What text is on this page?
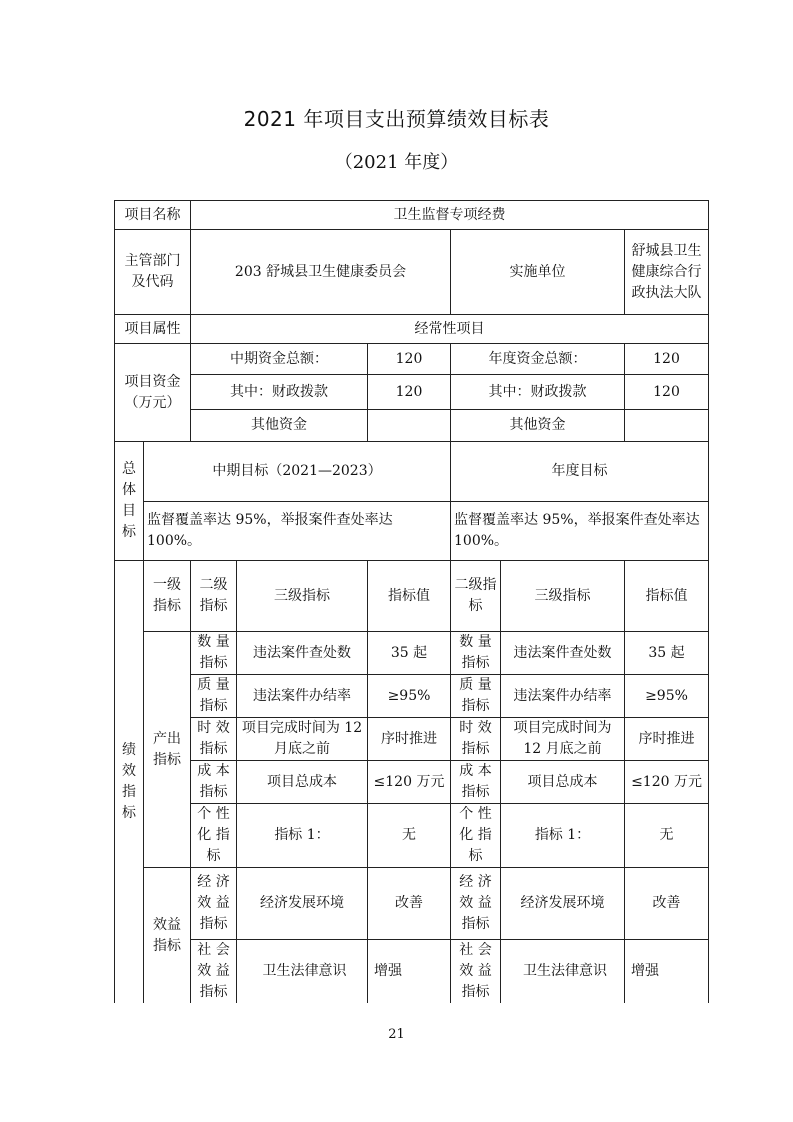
2021 年项目支出预算绩效目标表
（2021 年度）
项目名称		卫生监督专项经费					
主管部门及代码		203 舒城县卫生健康委员会			实施单位		舒城县卫生健康综合行政执法大队
项目属性		经常性项目					
项目资金（万元）		中期资金总额：		120	年度资金总额：		120
		其中：财政拨款		120	其中：财政拨款		120
		其他资金			其他资金		
总体目标	中期目标（2021—2023）				年度目标		
	监督覆盖率达 95%，举报案件查处率达 100%。				监督覆盖率达 95%，举报案件查处率达 100%。		
绩效指标	一级指标	二级指标	三级指标	指标值	二级指标	三级指标	指标值
	产出指标	数 量 指标	违法案件查处数	35 起	数 量 指标	违法案件查处数	35 起
		质 量 指标	违法案件办结率	≥95%	质 量 指标	违法案件办结率	≥95%
		时 效 指标	项目完成时间为 12 月底之前	序时推进	时 效 指标	项目完成时间为 12 月底之前	序时推进
		成 本 指标	项目总成本	≤120 万元	成 本 指标	项目总成本	≤120 万元
		个 性 化 指 标	指标 1：	无	个 性 化 指 标	指标 1：	无
	效益指标	经 济 效 益 指标	经济发展环境	改善	经 济 效 益 指标	经济发展环境	改善
		社 会 效 益 指标	卫生法律意识	增强	社 会 效 益 指标	卫生法律意识	增强
21
